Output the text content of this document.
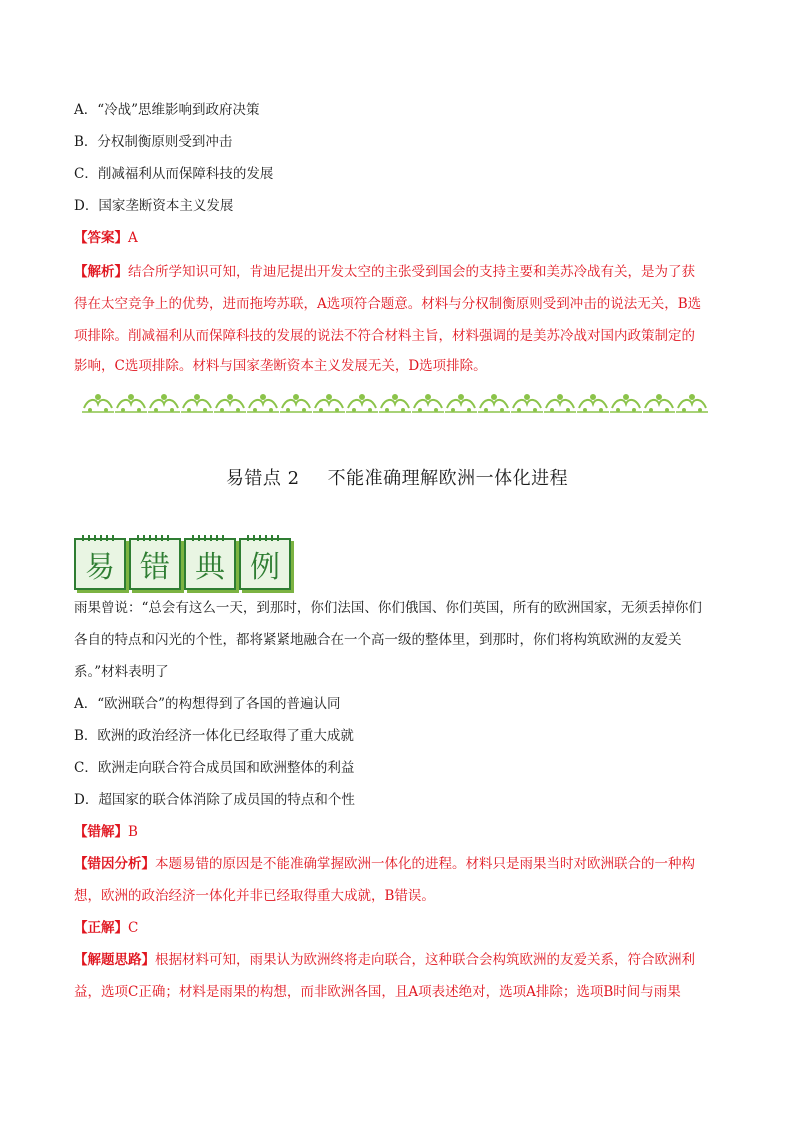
A．“冷战”思维影响到政府决策
B．分权制衡原则受到冲击
C．削减福利从而保障科技的发展
D．国家垄断资本主义发展
【答案】A
【解析】结合所学知识可知，肯迪尼提出开发太空的主张受到国会的支持主要和美苏冷战有关，是为了获
得在太空竞争上的优势，进而拖垮苏联，A选项符合题意。材料与分权制衡原则受到冲击的说法无关，B选
项排除。削减福利从而保障科技的发展的说法不符合材料主旨，材料强调的是美苏冷战对国内政策制定的
影响，C选项排除。材料与国家垄断资本主义发展无关，D选项排除。
易错点 2 不能准确理解欧洲一体化进程
易 错 典 例
雨果曾说：“总会有这么一天，到那时，你们法国、你们俄国、你们英国，所有的欧洲国家，无须丢掉你们
各自的特点和闪光的个性，都将紧紧地融合在一个高一级的整体里，到那时，你们将构筑欧洲的友爱关
系。”材料表明了
A．“欧洲联合”的构想得到了各国的普遍认同
B．欧洲的政治经济一体化已经取得了重大成就
C．欧洲走向联合符合成员国和欧洲整体的利益
D．超国家的联合体消除了成员国的特点和个性
【错解】B
【错因分析】本题易错的原因是不能准确掌握欧洲一体化的进程。材料只是雨果当时对欧洲联合的一种构
想，欧洲的政治经济一体化并非已经取得重大成就，B错误。
【正解】C
【解题思路】根据材料可知，雨果认为欧洲终将走向联合，这种联合会构筑欧洲的友爱关系，符合欧洲利
益，选项C正确；材料是雨果的构想，而非欧洲各国，且A项表述绝对，选项A排除；选项B时间与雨果
